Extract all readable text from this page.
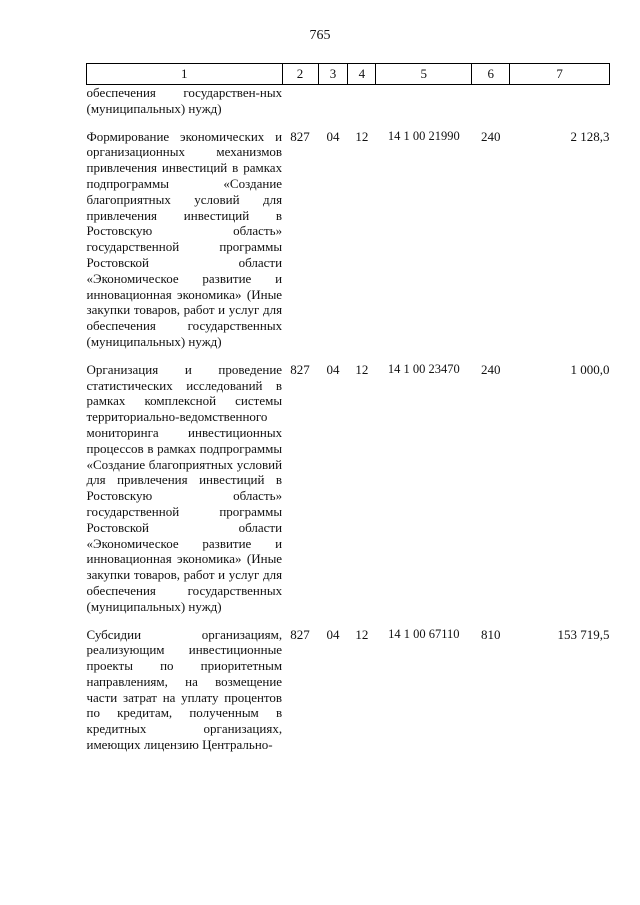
765
1	2	3	4	5	6	7
обеспечения государствен-ных (муниципальных) нужд)						
Формирование экономических и организационных механизмов привлечения инвестиций в рамках подпрограммы «Создание благоприятных условий для привлечения инвестиций в Ростовскую область» государственной программы Ростовской области «Экономическое развитие и инновационная экономика» (Иные закупки товаров, работ и услуг для обеспечения государственных (муниципальных) нужд)	827	04	12	14 1 00 21990	240	2 128,3
Организация и проведение статистических исследований в рамках комплексной системы территориально-ведомственного мониторинга инвестиционных процессов в рамках подпрограммы «Создание благоприятных условий для привлечения инвестиций в Ростовскую область» государственной программы Ростовской области «Экономическое развитие и инновационная экономика» (Иные закупки товаров, работ и услуг для обеспечения государственных (муниципальных) нужд)	827	04	12	14 1 00 23470	240	1 000,0
Субсидии организациям, реализующим инвестиционные проекты по приоритетным направлениям, на возмещение части затрат на уплату процентов по кредитам, полученным в кредитных организациях, имеющих лицензию Центрально-	827	04	12	14 1 00 67110	810	153 719,5
